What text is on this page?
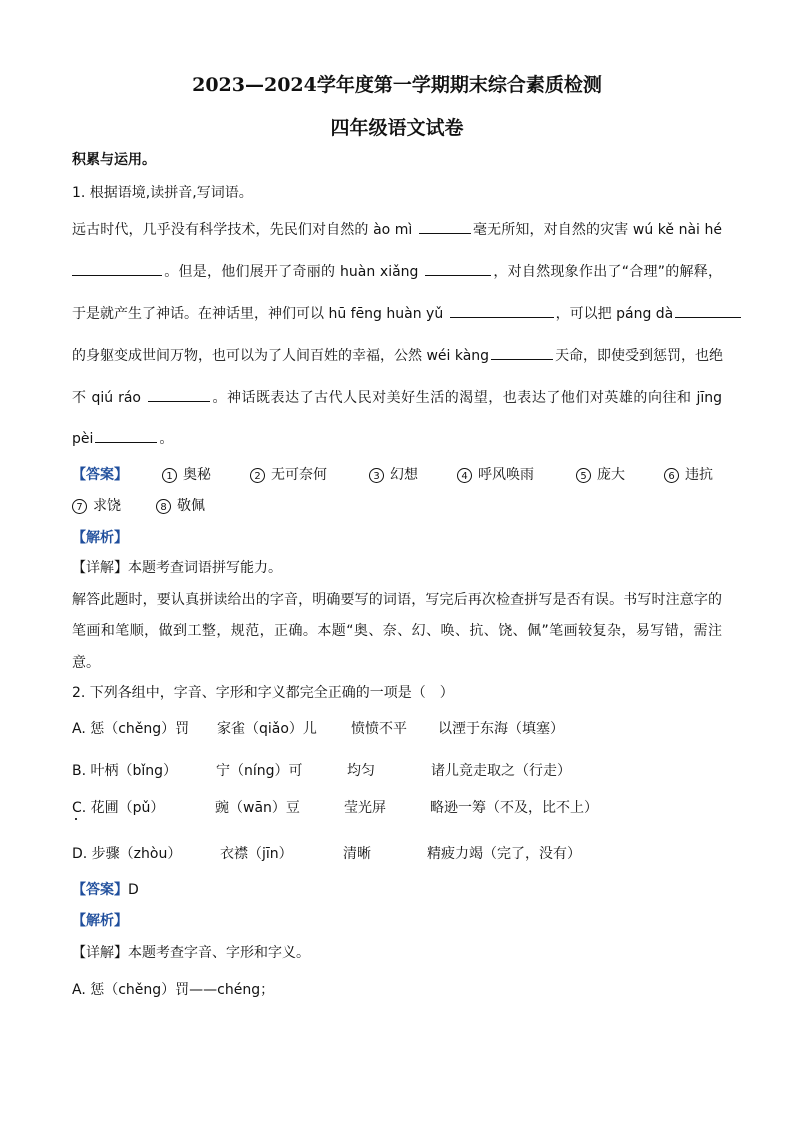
2023—2024学年度第一学期期末综合素质检测
四年级语文试卷
积累与运用。
1. 根据语境,读拼音,写词语。
远古时代，几乎没有科学技术，先民们对自然的 ào mì	毫无所知，对自然的灾害 wú kě nài hé
。但是，他们展开了奇丽的 huàn xiǎng	，对自然现象作出了“合理”的解释，
于是就产生了神话。在神话里，神们可以 hū fēng huàn yǔ	，可以把 páng dà
的身躯变成世间万物，也可以为了人间百姓的幸福，公然 wéi kàng	天命，即使受到惩罚，也绝
不 qiú ráo	。神话既表达了古代人民对美好生活的渴望，也表达了他们对英雄的向往和 jīng
pèi	。
【答案】	1 奥秘	2 无可奈何	3 幻想	4 呼风唤雨	5 庞大	6 违抗
7 求饶	8 敬佩
【解析】
【详解】本题考查词语拼写能力。
解答此题时，要认真拼读给出的字音，明确要写的词语，写完后再次检查拼写是否有误。书写时注意字的
笔画和笔顺，做到工整，规范，正确。本题“奥、奈、幻、唤、抗、饶、佩”笔画较复杂，易写错，需注
意。
2. 下列各组中，字音、字形和字义都完全正确的一项是（　）
A. 惩（chěng）罚 家雀（qiǎo）儿 愤愤不平 以湮于东海（填塞）
B. 叶柄（bǐng）	宁（níng）可	均匀	诸儿竞走取之（行走）
C. 花圃（pǔ）	豌（wān）豆	莹光屏	略逊一筹（不及，比不上）
D. 步骤（zhòu）	衣襟（jīn）	清晰	精疲力竭（完了，没有）
【答案】D
【解析】
【详解】本题考查字音、字形和字义。
A. 惩（chěng）罚——chéng；
